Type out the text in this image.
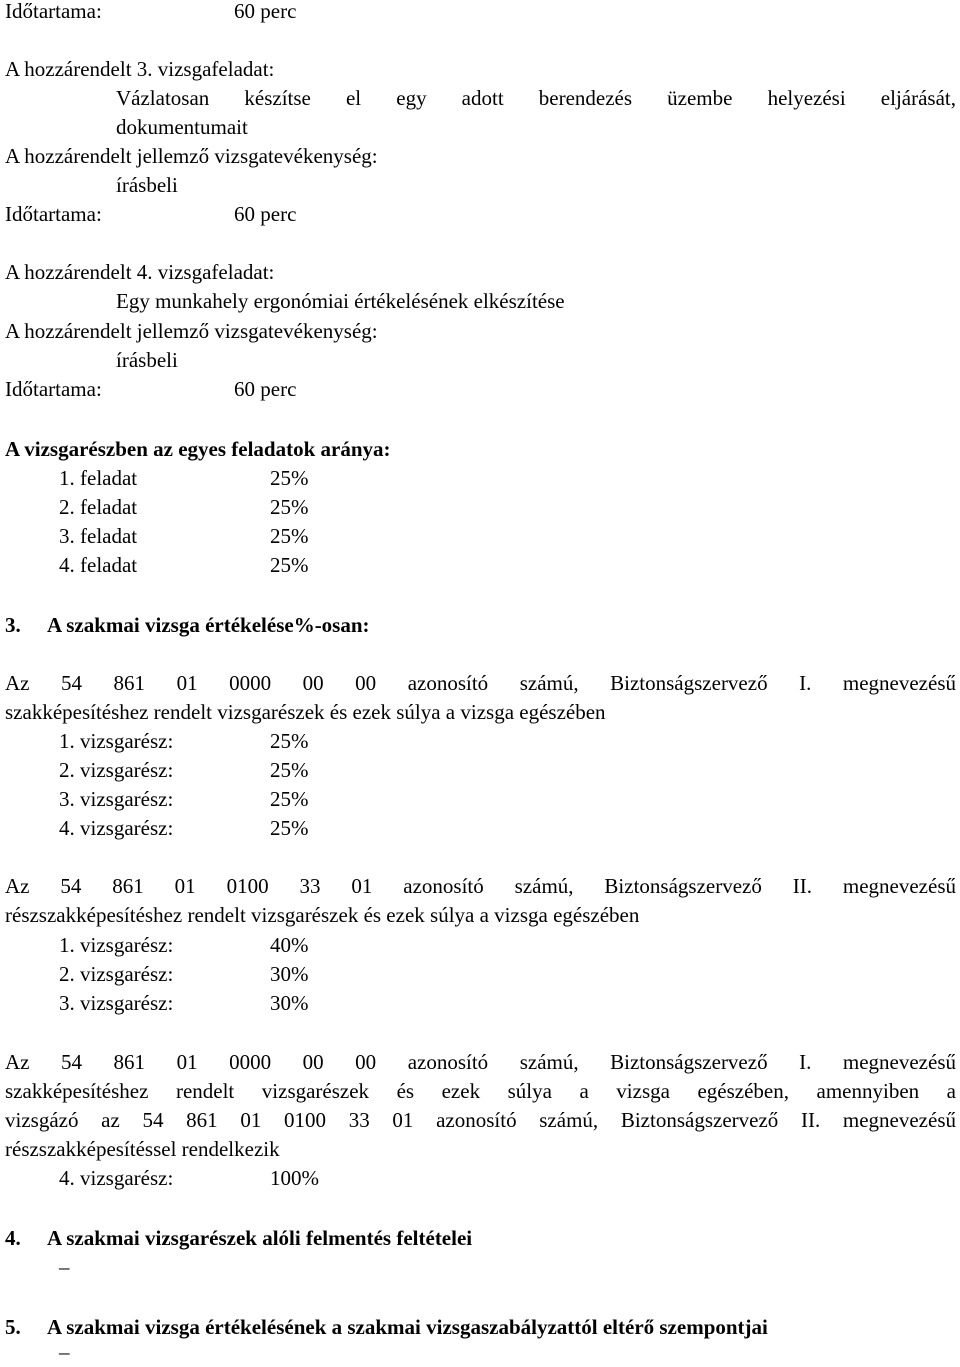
Időtartama:	60 perc
A hozzárendelt 3. vizsgafeladat:
Vázlatosan készítse el egy adott berendezés üzembe helyezési eljárását,
dokumentumait
A hozzárendelt jellemző vizsgatevékenység:
írásbeli
Időtartama:	60 perc
A hozzárendelt 4. vizsgafeladat:
Egy munkahely ergonómiai értékelésének elkészítése
A hozzárendelt jellemző vizsgatevékenység:
írásbeli
Időtartama:	60 perc
A vizsgarészben az egyes feladatok aránya:
1. feladat	25%
2. feladat	25%
3. feladat	25%
4. feladat	25%
3. A szakmai vizsga értékelése%-osan:
Az 54 861 01 0000 00 00 azonosító számú, Biztonságszervező I. megnevezésű
szakképesítéshez rendelt vizsgarészek és ezek súlya a vizsga egészében
1. vizsgarész:	25%
2. vizsgarész:	25%
3. vizsgarész:	25%
4. vizsgarész:	25%
Az 54 861 01 0100 33 01 azonosító számú, Biztonságszervező II. megnevezésű
részszakképesítéshez rendelt vizsgarészek és ezek súlya a vizsga egészében
1. vizsgarész:	40%
2. vizsgarész:	30%
3. vizsgarész:	30%
Az 54 861 01 0000 00 00 azonosító számú, Biztonságszervező I. megnevezésű
szakképesítéshez rendelt vizsgarészek és ezek súlya a vizsga egészében, amennyiben a
vizsgázó az 54 861 01 0100 33 01 azonosító számú, Biztonságszervező II. megnevezésű
részszakképesítéssel rendelkezik
4. vizsgarész:	100%
4. A szakmai vizsgarészek alóli felmentés feltételei
–
5. A szakmai vizsga értékelésének a szakmai vizsgaszabályzattól eltérő szempontjai
–
